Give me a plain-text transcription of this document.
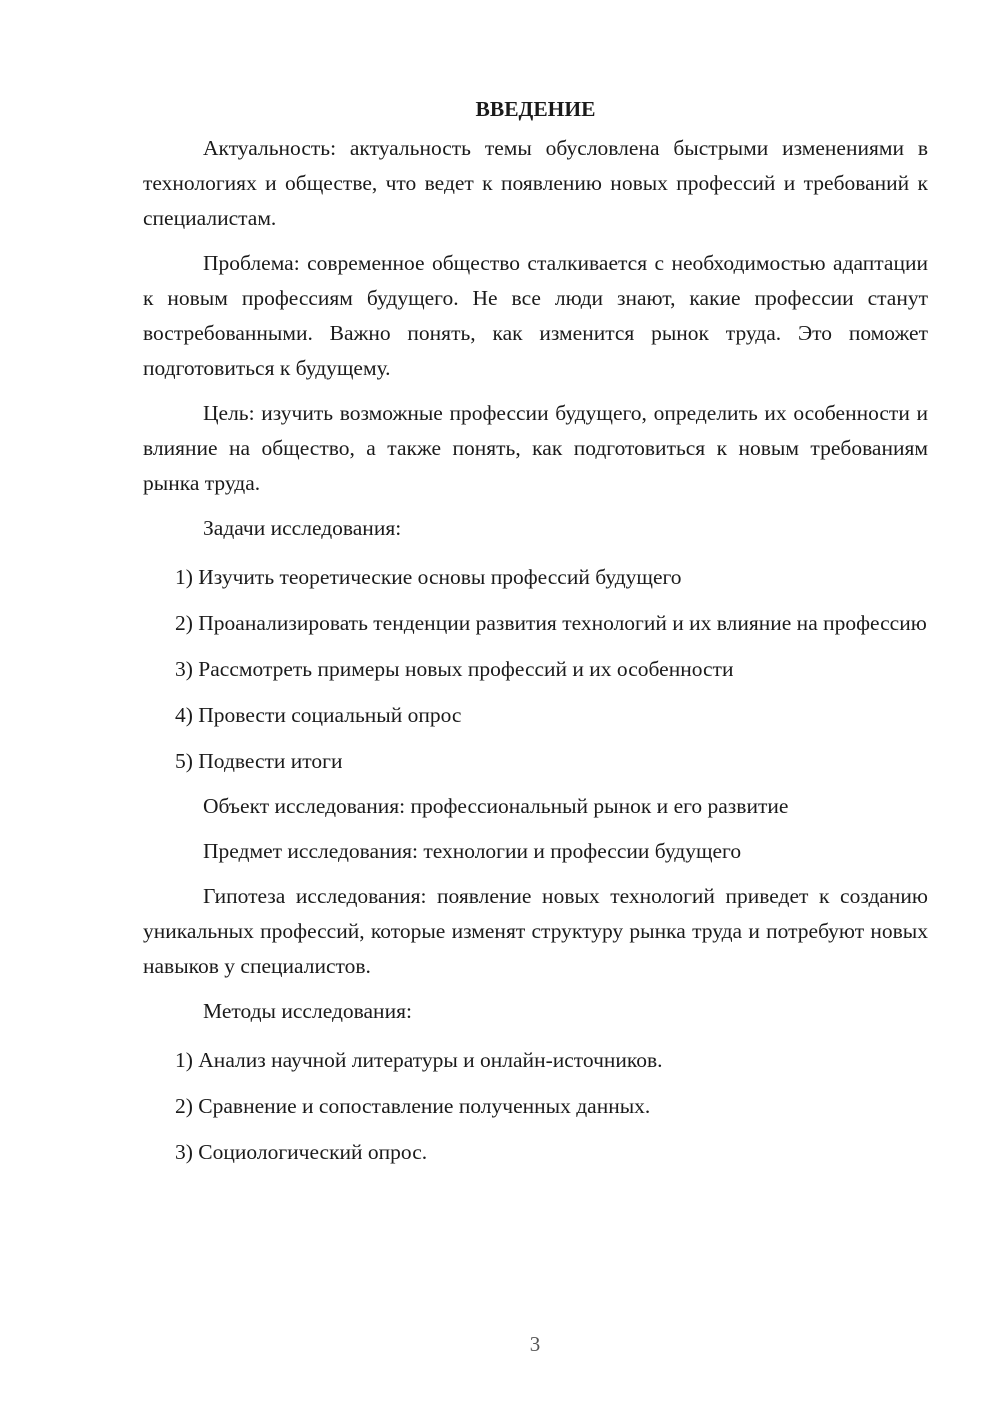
ВВЕДЕНИЕ

Актуальность: актуальность темы обусловлена быстрыми изменениями в технологиях и обществе, что ведет к появлению новых профессий и требований к специалистам.

Проблема: современное общество сталкивается с необходимостью адаптации к новым профессиям будущего. Не все люди знают, какие профессии станут востребованными. Важно понять, как изменится рынок труда. Это поможет подготовиться к будущему.

Цель: изучить возможные профессии будущего, определить их особенности и влияние на общество, а также понять, как подготовиться к новым требованиям рынка труда.

Задачи исследования:

1) Изучить теоретические основы профессий будущего

2) Проанализировать тенденции развития технологий и их влияние на профессию

3) Рассмотреть примеры новых профессий и их особенности

4) Провести социальный опрос

5) Подвести итоги

Объект исследования: профессиональный рынок и его развитие

Предмет исследования: технологии и профессии будущего

Гипотеза исследования: появление новых технологий приведет к созданию уникальных профессий, которые изменят структуру рынка труда и потребуют новых навыков у специалистов.

Методы исследования:

1) Анализ научной литературы и онлайн-источников.

2) Сравнение и сопоставление полученных данных.

3) Социологический опрос.

3
